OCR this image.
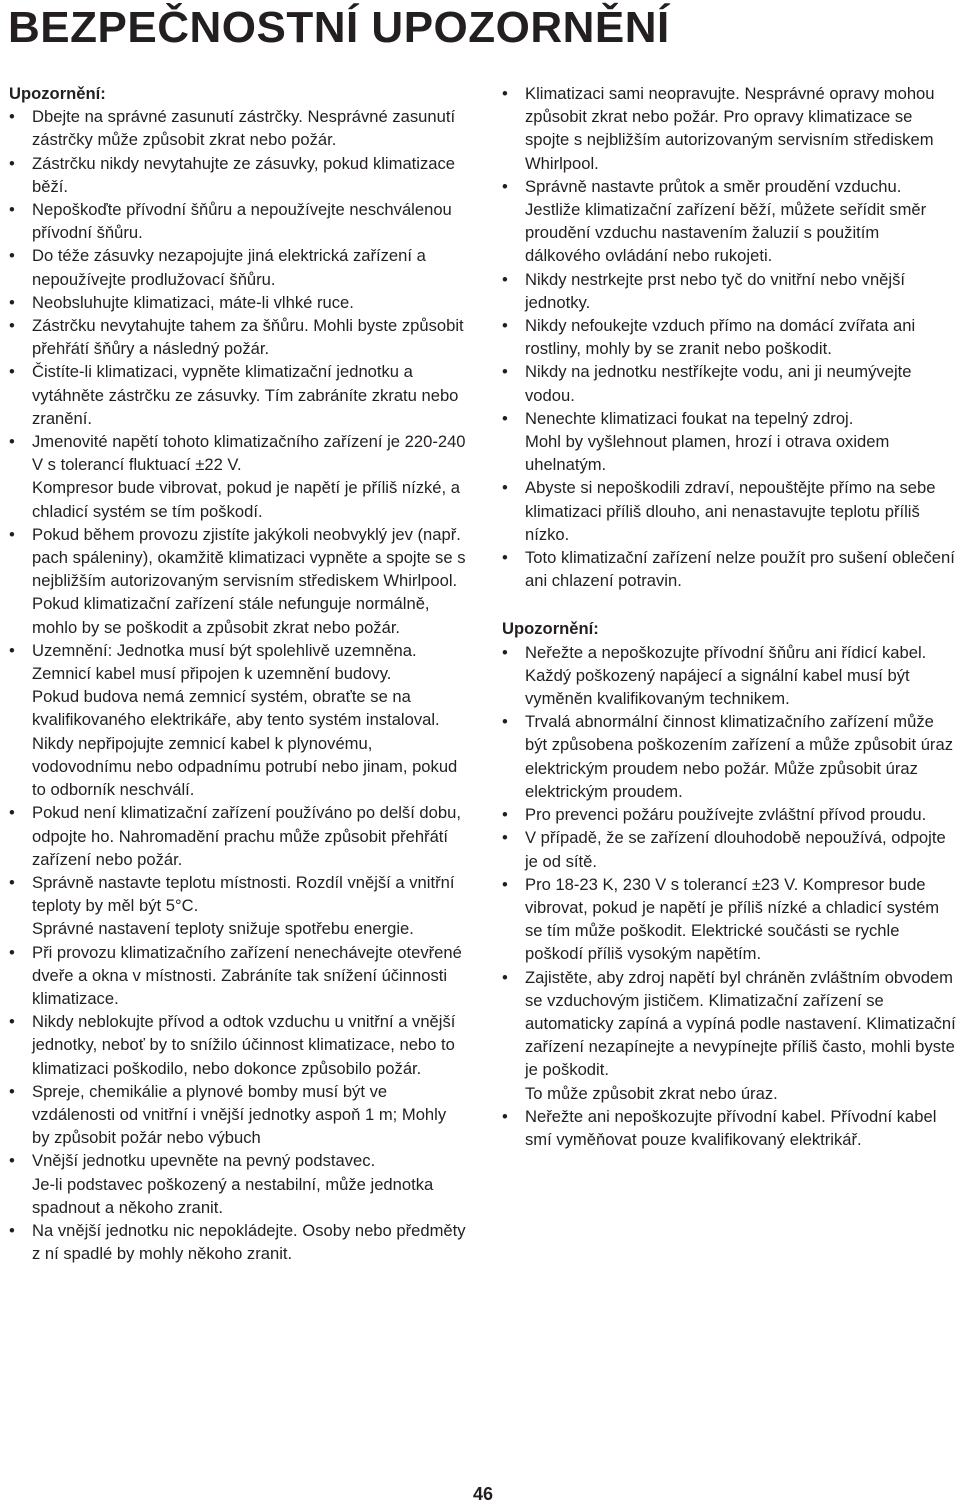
BEZPEČNOSTNÍ UPOZORNĚNÍ

Upozornění:

• Dbejte na správné zasunutí zástrčky. Nesprávné zasunutí zástrčky může způsobit zkrat nebo požár.
• Zástrčku nikdy nevytahujte ze zásuvky, pokud klimatizace běží.
• Nepoškoďte přívodní šňůru a nepoužívejte neschválenou přívodní šňůru.
• Do téže zásuvky nezapojujte jiná elektrická zařízení a nepoužívejte prodlužovací šňůru.
• Neobsluhujte klimatizaci, máte-li vlhké ruce.
• Zástrčku nevytahujte tahem za šňůru. Mohli byste způsobit přehřátí šňůry a následný požár.
• Čistíte-li klimatizaci, vypněte klimatizační jednotku a vytáhněte zástrčku ze zásuvky. Tím zabráníte zkratu nebo zranění.
• Jmenovité napětí tohoto klimatizačního zařízení je 220-240 V s tolerancí fluktuací ±22 V.
Kompresor bude vibrovat, pokud je napětí je příliš nízké, a chladicí systém se tím poškodí.
• Pokud během provozu zjistíte jakýkoli neobvyklý jev (např. pach spáleniny), okamžitě klimatizaci vypněte a spojte se s nejbližším autorizovaným servisním střediskem Whirlpool.
Pokud klimatizační zařízení stále nefunguje normálně, mohlo by se poškodit a způsobit zkrat nebo požár.
• Uzemnění: Jednotka musí být spolehlivě uzemněna. Zemnicí kabel musí připojen k uzemnění budovy.
Pokud budova nemá zemnicí systém, obraťte se na kvalifikovaného elektrikáře, aby tento systém instaloval. Nikdy nepřipojujte zemnicí kabel k plynovému, vodovodnímu nebo odpadnímu potrubí nebo jinam, pokud to odborník neschválí.
• Pokud není klimatizační zařízení používáno po delší dobu, odpojte ho. Nahromadění prachu může způsobit přehřátí zařízení nebo požár.
• Správně nastavte teplotu místnosti. Rozdíl vnější a vnitřní teploty by měl být 5°C.
Správné nastavení teploty snižuje spotřebu energie.
• Při provozu klimatizačního zařízení nenechávejte otevřené dveře a okna v místnosti. Zabráníte tak snížení účinnosti klimatizace.
• Nikdy neblokujte přívod a odtok vzduchu u vnitřní a vnější jednotky, neboť by to snížilo účinnost klimatizace, nebo to klimatizaci poškodilo, nebo dokonce způsobilo požár.
• Spreje, chemikálie a plynové bomby musí být ve vzdálenosti od vnitřní i vnější jednotky aspoň 1 m; Mohly by způsobit požár nebo výbuch
• Vnější jednotku upevněte na pevný podstavec.
Je-li podstavec poškozený a nestabilní, může jednotka spadnout a někoho zranit.
• Na vnější jednotku nic nepokládejte. Osoby nebo předměty z ní spadlé by mohly někoho zranit.
• Klimatizaci sami neopravujte. Nesprávné opravy mohou způsobit zkrat nebo požár. Pro opravy klimatizace se spojte s nejbližším autorizovaným servisním střediskem Whirlpool.
• Správně nastavte průtok a směr proudění vzduchu. Jestliže klimatizační zařízení běží, můžete seřídit směr proudění vzduchu nastavením žaluzií s použitím dálkového ovládání nebo rukojeti.
• Nikdy nestrkejte prst nebo tyč do vnitřní nebo vnější jednotky.
• Nikdy nefoukejte vzduch přímo na domácí zvířata ani rostliny, mohly by se zranit nebo poškodit.
• Nikdy na jednotku nestříkejte vodu, ani ji neumývejte vodou.
• Nenechte klimatizaci foukat na tepelný zdroj.
Mohl by vyšlehnout plamen, hrozí i otrava oxidem uhelnatým.
• Abyste si nepoškodili zdraví, nepouštějte přímo na sebe klimatizaci příliš dlouho, ani nenastavujte teplotu příliš nízko.
• Toto klimatizační zařízení nelze použít pro sušení oblečení ani chlazení potravin.

Upozornění:

• Neřežte a nepoškozujte přívodní šňůru ani řídicí kabel. Každý poškozený napájecí a signální kabel musí být vyměněn kvalifikovaným technikem.
• Trvalá abnormální činnost klimatizačního zařízení může být způsobena poškozením zařízení a může způsobit úraz elektrickým proudem nebo požár. Může způsobit úraz elektrickým proudem.
• Pro prevenci požáru používejte zvláštní přívod proudu.
• V případě, že se zařízení dlouhodobě nepoužívá, odpojte je od sítě.
• Pro 18-23 K, 230 V s tolerancí ±23 V. Kompresor bude vibrovat, pokud je napětí je příliš nízké a chladicí systém se tím může poškodit. Elektrické součásti se rychle poškodí příliš vysokým napětím.
• Zajistěte, aby zdroj napětí byl chráněn zvláštním obvodem se vzduchovým jističem. Klimatizační zařízení se automaticky zapíná a vypíná podle nastavení. Klimatizační zařízení nezapínejte a nevypínejte příliš často, mohli byste je poškodit.
To může způsobit zkrat nebo úraz.
• Neřežte ani nepoškozujte přívodní kabel. Přívodní kabel smí vyměňovat pouze kvalifikovaný elektrikář.
46
